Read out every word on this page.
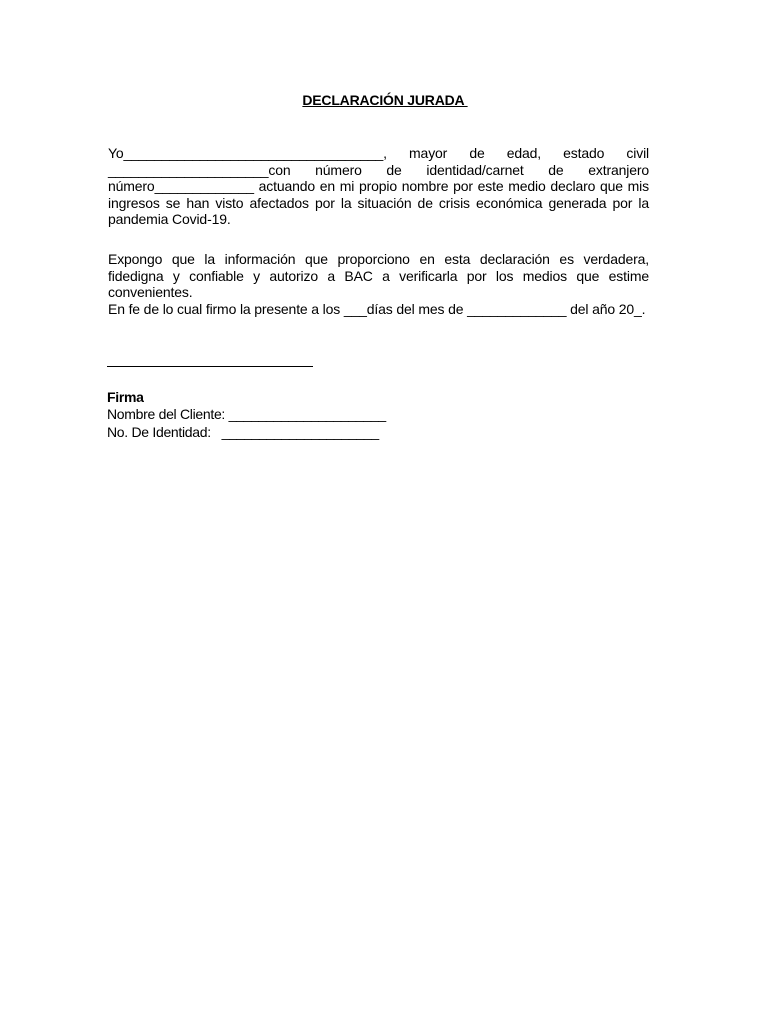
DECLARACIÓN JURADA
Yo__________________________________, mayor de edad, estado civil _____________________con número de identidad/carnet de extranjero número_____________ actuando en mi propio nombre por este medio declaro que mis ingresos se han visto afectados por la situación de crisis económica generada por la pandemia Covid-19.
Expongo que la información que proporciono en esta declaración es verdadera, fidedigna y confiable y autorizo a BAC a verificarla por los medios que estime convenientes.
En fe de lo cual firmo la presente a los ___días del mes de _____________ del año 20_.
Firma
Nombre del Cliente: _____________________
No. De Identidad:   _____________________
